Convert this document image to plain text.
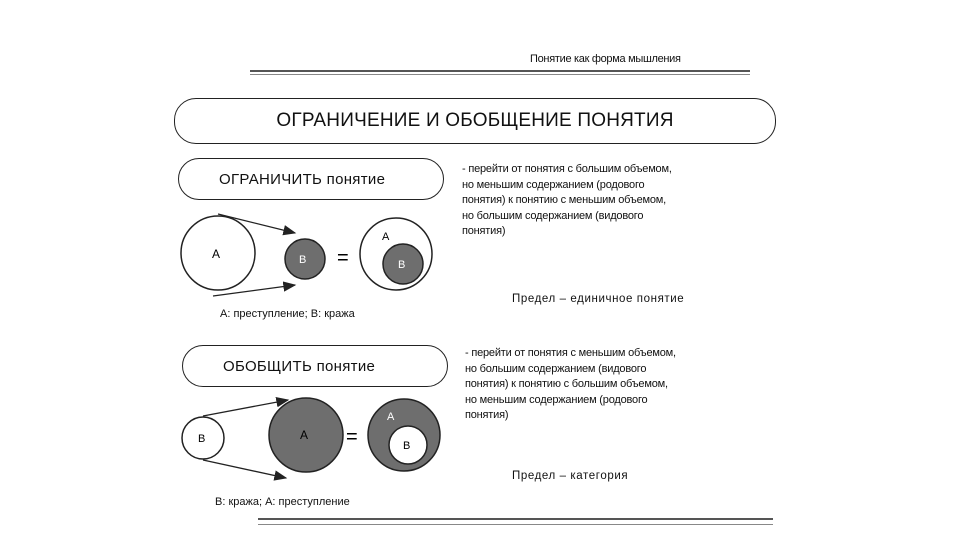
Понятие как форма мышления
ОГРАНИЧЕНИЕ И ОБОБЩЕНИЕ ПОНЯТИЯ
ОГРАНИЧИТЬ понятие
- перейти от понятия с большим объемом,
но меньшим содержанием (родового
понятия) к понятию с меньшим объемом,
но большим содержанием (видового
понятия)
Предел – единичное понятие
А: преступление; В: кража
А	В =
А
В
В	А =
А
В
ОБОБЩИТЬ понятие
- перейти от понятия с меньшим объемом,
но большим содержанием (видового
понятия) к понятию с большим объемом,
но меньшим содержанием (родового
понятия)
Предел – категория
В: кража; А: преступление
